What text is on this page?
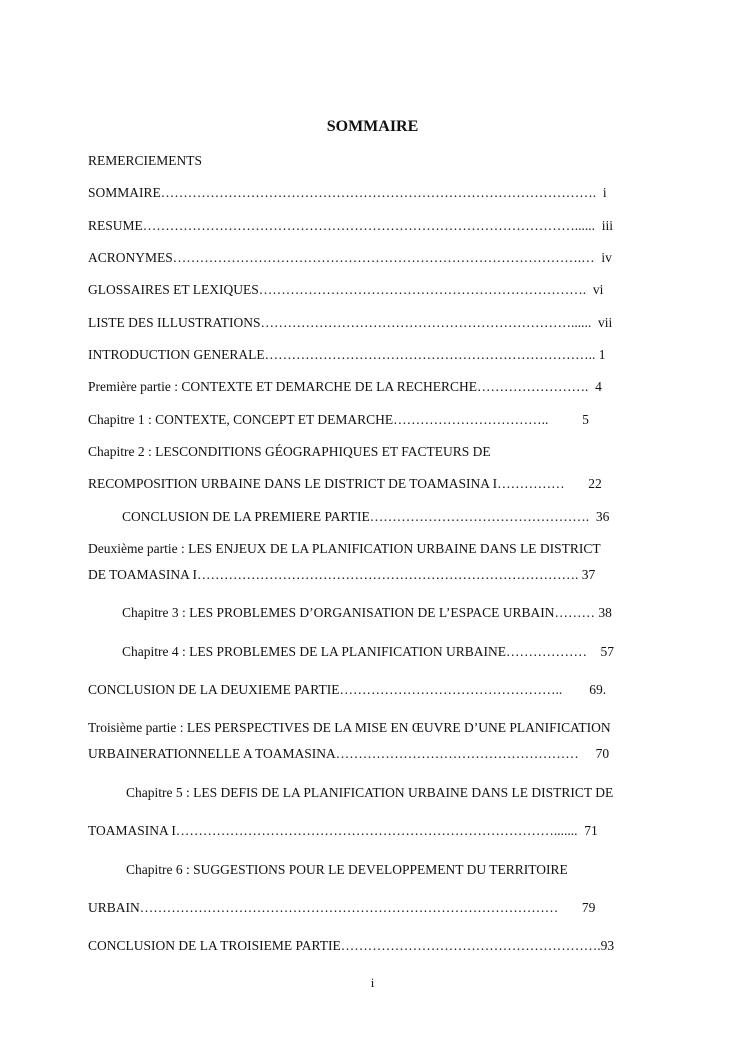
SOMMAIRE
REMERCIEMENTS
SOMMAIRE…………………………………………………………………………………….  i
RESUME……………………………………………………………………………………......  iii
ACRONYMES……………………………………………………………………………….…  iv
GLOSSAIRES ET LEXIQUES……………………………………………………………….  vi
LISTE DES ILLUSTRATIONS……………………………………………………………......  vii
INTRODUCTION GENERALE……………………………………………………………….. 1
Première partie : CONTEXTE ET DEMARCHE DE LA RECHERCHE…………………….  4
Chapitre 1 : CONTEXTE, CONCEPT ET DEMARCHE……………………………..          5
Chapitre 2 : LESCONDITIONS GÉOGRAPHIQUES ET FACTEURS DE
RECOMPOSITION URBAINE DANS LE DISTRICT DE TOAMASINA I……………       22
CONCLUSION DE LA PREMIERE PARTIE………………………………………….  36
Deuxième partie : LES ENJEUX DE LA PLANIFICATION URBAINE DANS LE DISTRICT
DE TOAMASINA I…………………………………………………………………………. 37
Chapitre 3 : LES PROBLEMES D’ORGANISATION DE L’ESPACE URBAIN……… 38
Chapitre 4 : LES PROBLEMES DE LA PLANIFICATION URBAINE………………    57
CONCLUSION DE LA DEUXIEME PARTIE…………………………………………..        69.
Troisième partie : LES PERSPECTIVES DE LA MISE EN ŒUVRE D’UNE PLANIFICATION
URBAINERATIONNELLE A TOAMASINA………………………………………………     70
Chapitre 5 : LES DEFIS DE LA PLANIFICATION URBAINE DANS LE DISTRICT DE
TOAMASINA I………………………………………………………………………….......  71
Chapitre 6 : SUGGESTIONS POUR LE DEVELOPPEMENT DU TERRITOIRE
URBAIN…………………………………………………………………………………       79
CONCLUSION DE LA TROISIEME PARTIE………………………………………………….93
i
